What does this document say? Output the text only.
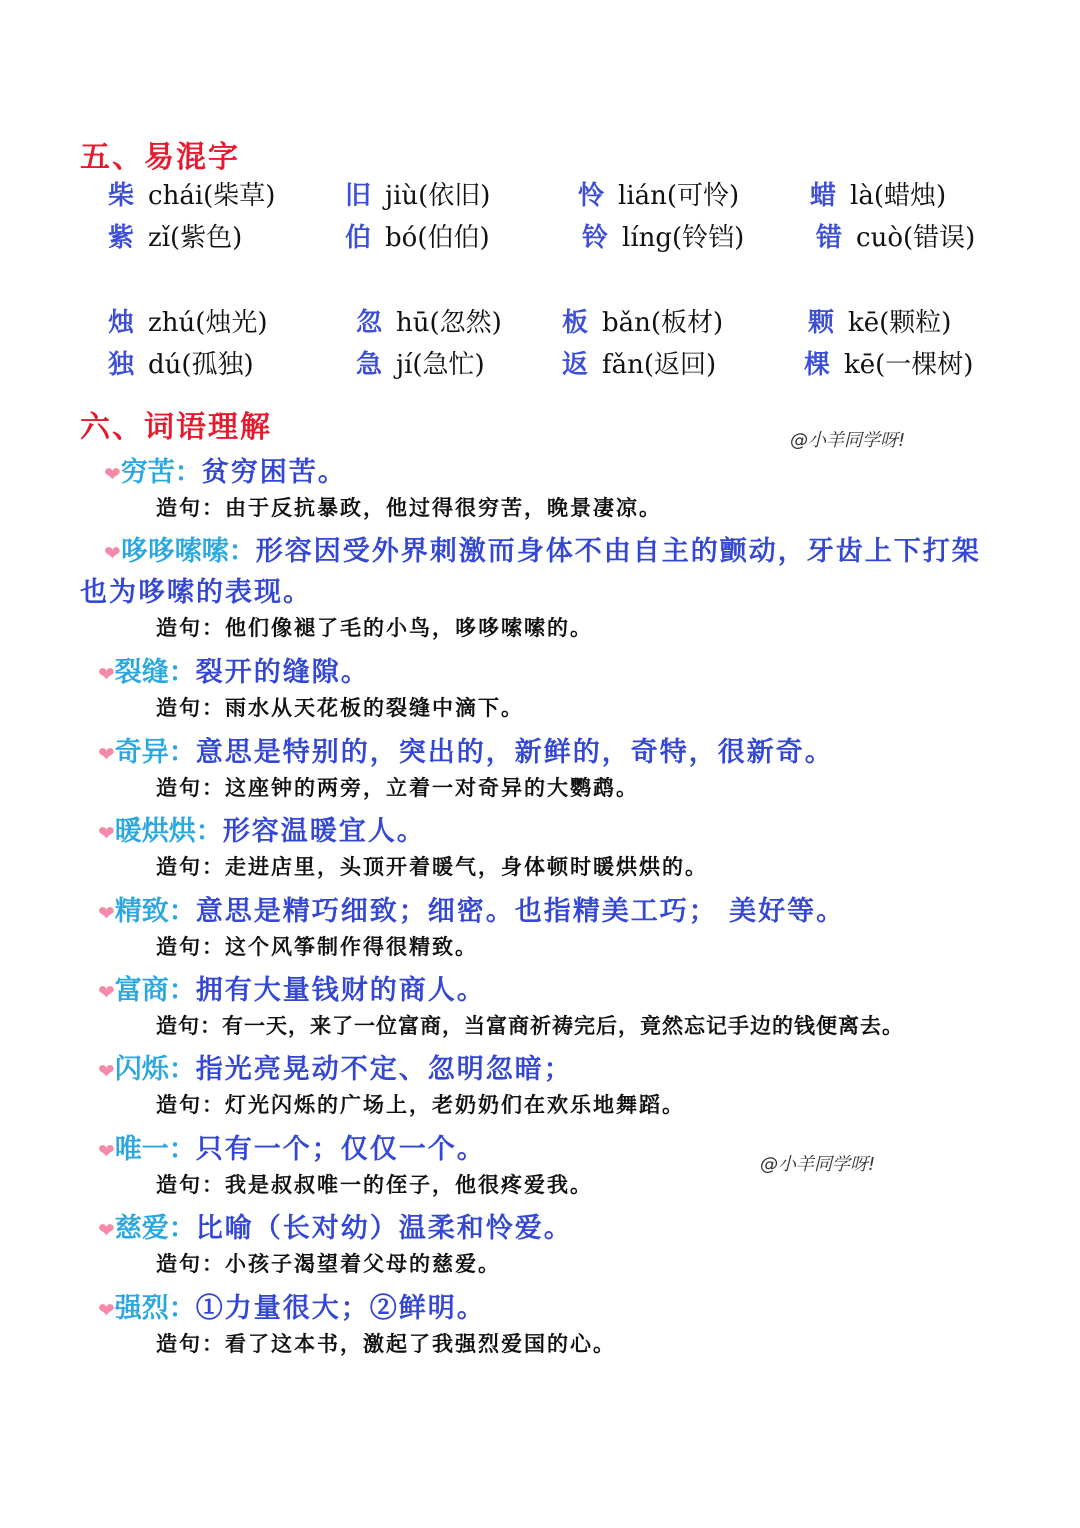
五、易混字
柴 chái(柴草)
紫 zǐ(紫色)
旧 jiù(依旧)
伯 bó(伯伯)
怜 lián(可怜)
铃 líng(铃铛)
蜡 là(蜡烛)
错 cuò(错误)
烛 zhú(烛光)
独 dú(孤独)
忽 hū(忽然)
急 jí(急忙)
板 bǎn(板材)
返 fǎn(返回)
颗 kē(颗粒)
棵 kē(一棵树)
六、词语理解	@小羊同学呀!
❤穷苦：贫穷困苦。
造句：由于反抗暴政，他过得很穷苦，晚景凄凉。
❤哆哆嗦嗦：形容因受外界刺激而身体不由自主的颤动，牙齿上下打架
也为哆嗦的表现。
造句：他们像褪了毛的小鸟，哆哆嗦嗦的。
❤裂缝：裂开的缝隙。
造句：雨水从天花板的裂缝中滴下。
❤奇异：意思是特别的，突出的，新鲜的，奇特，很新奇。
造句：这座钟的两旁，立着一对奇异的大鹦鹉。
❤暖烘烘：形容温暖宜人。
造句：走进店里，头顶开着暖气，身体顿时暖烘烘的。
❤精致：意思是精巧细致；细密。也指精美工巧； 美好等。
造句：这个风筝制作得很精致。
❤富商：拥有大量钱财的商人。
造句：有一天，来了一位富商，当富商祈祷完后，竟然忘记手边的钱便离去。
❤闪烁：指光亮晃动不定、忽明忽暗；
造句：灯光闪烁的广场上，老奶奶们在欢乐地舞蹈。
❤唯一：只有一个；仅仅一个。	@小羊同学呀!
造句：我是叔叔唯一的侄子，他很疼爱我。
❤慈爱：比喻（长对幼）温柔和怜爱。
造句：小孩子渴望着父母的慈爱。
❤强烈：①力量很大；②鲜明。
造句：看了这本书，激起了我强烈爱国的心。
